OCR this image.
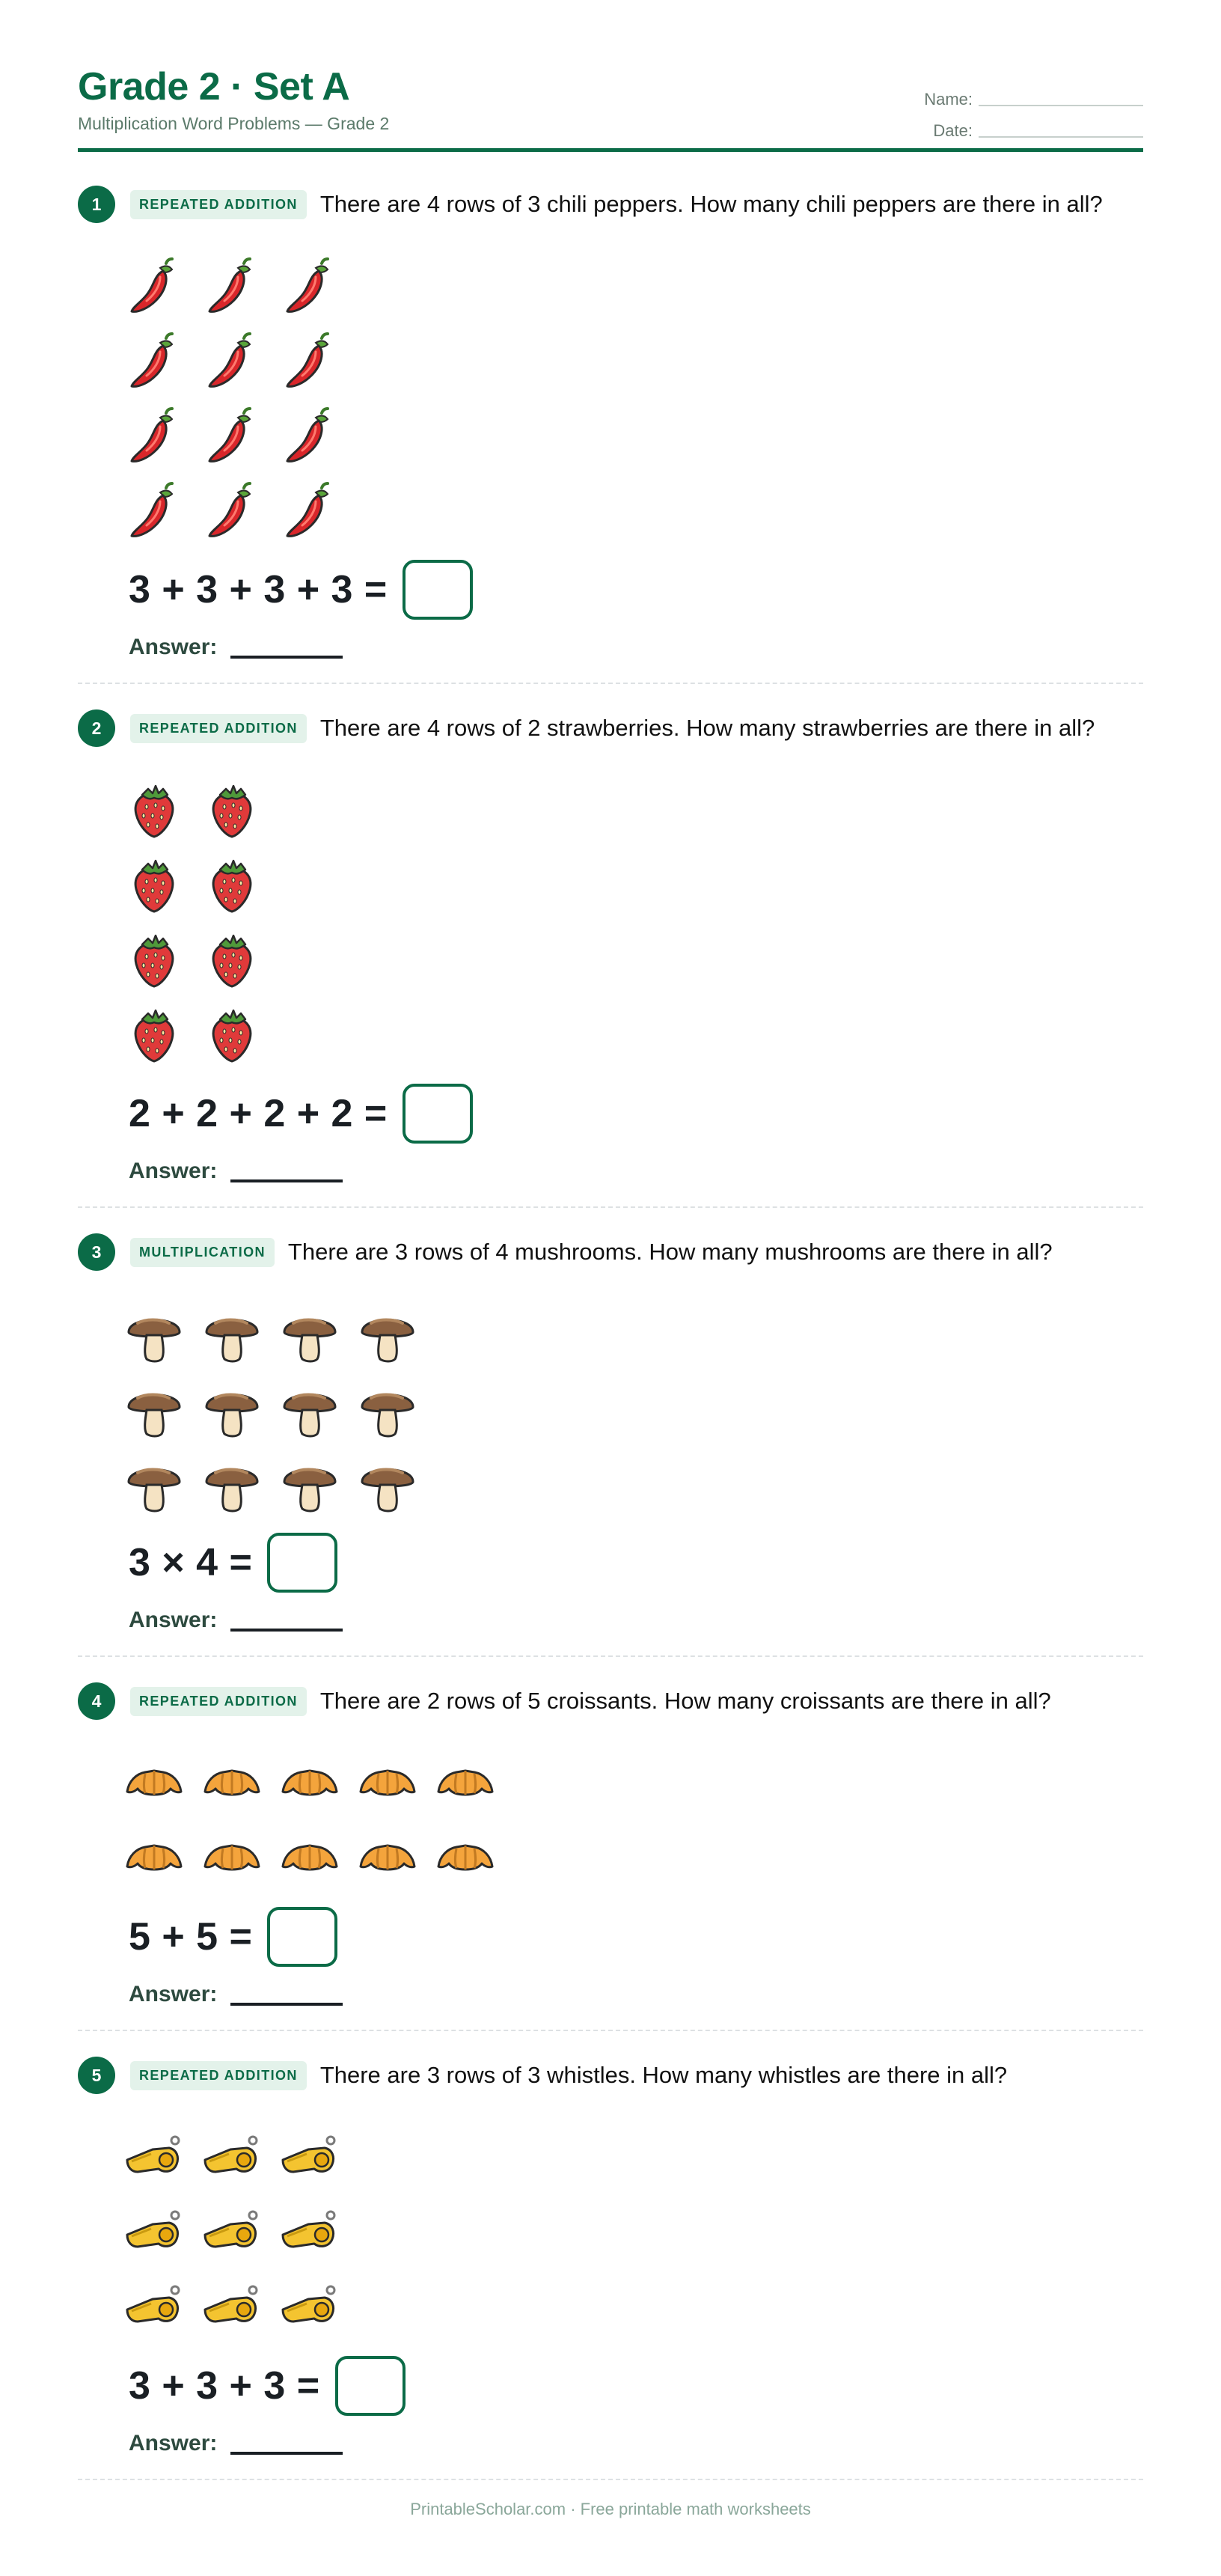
Grade 2 · Set A
Multiplication Word Problems — Grade 2
Name:
Date:
1	REPEATED ADDITION There are 4 rows of 3 chili peppers. How many chili peppers are there in all?
3 + 3 + 3 + 3 =
Answer:
2	REPEATED ADDITION There are 4 rows of 2 strawberries. How many strawberries are there in all?
2 + 2 + 2 + 2 =
Answer:
3	MULTIPLICATION There are 3 rows of 4 mushrooms. How many mushrooms are there in all?
3 × 4 =
Answer:
4	REPEATED ADDITION There are 2 rows of 5 croissants. How many croissants are there in all?
5 + 5 =
Answer:
5	REPEATED ADDITION There are 3 rows of 3 whistles. How many whistles are there in all?
3 + 3 + 3 =
Answer:
PrintableScholar.com · Free printable math worksheets
